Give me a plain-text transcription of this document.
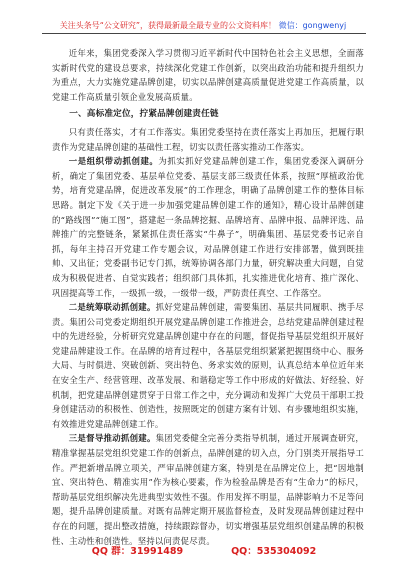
关注头条号“公文研究”，获得最新最全最专业的公文资料库！ 微信：gongwenyj

近年来，集团党委深入学习贯彻习近平新时代中国特色社会主义思想，全面落实新时代党的建设总要求，持续深化党建工作创新，以突出政治功能和提升组织力为重点，大力实施党建品牌创建，切实以品牌创建高质量促进党建工作高质量，以党建工作高质量引领企业发展高质量。

一、高标准定位，拧紧品牌创建责任链

只有责任落实，才有工作落实。集团党委坚持在责任落实上再加压，把履行职责作为党建品牌创建的基础性工程，切实以责任落实推动工作落实。

一是组织带动抓创建。为抓实抓好党建品牌创建工作，集团党委深入调研分析，确定了集团党委、基层单位党委、基层支部三级责任体系，按照“厚植政治优势，培育党建品牌，促进改革发展”的工作理念，明确了品牌创建工作的整体目标思路。制定下发《关于进一步加强党建品牌创建工作的通知》，精心设计品牌创建的“路线图”“施工图”，搭建起一条品牌挖掘、品牌培育、品牌申报、品牌评选、品牌推广的完整链条，紧紧抓住责任落实“牛鼻子”，明确集团、基层党委书记亲自抓，每年主持召开党建工作专题会议，对品牌创建工作进行安排部署，做到既挂帅、又出征；党委副书记专门抓，统筹协调各部门力量，研究解决重大问题，自觉成为积极促进者、自觉实践者；组织部门具体抓，扎实推进优化培育、推广深化、巩固提高等工作，一级抓一级，一级带一级，严防责任真空、工作落空。

二是统筹联动抓创建。抓好党建品牌创建，需要集团、基层共同履职、携手尽责。集团公司党委定期组织开展党建品牌创建工作推进会，总结党建品牌创建过程中的先进经验，分析研究党建品牌创建中存在的问题，督促指导基层党组织开展好党建品牌建设工作。在品牌的培育过程中，各基层党组织紧紧把握围绕中心、服务大局、与时俱进、突破创新、突出特色、务求实效的原则，认真总结本单位近年来在安全生产、经营管理、改革发展、和谐稳定等工作中形成的好做法、好经验、好机制，把党建品牌创建贯穿于日常工作之中，充分调动和发挥广大党员干部职工投身创建活动的积极性、创造性，按照既定的创建方案有计划、有步骤地组织实施，有效推进党建品牌创建工作。

三是督导推动抓创建。集团党委健全完善分类指导机制，通过开展调查研究，精准掌握基层党组织党建工作的创新点，品牌创建的切入点，分门别类开展指导工作。严把新增品牌立项关，严审品牌创建方案，特别是在品牌定位上，把“因地制宜、突出特色、精准实用”作为核心要素，作为检验品牌是否有“生命力”的标尺，帮助基层党组织解决先进典型实效性不强。作用发挥不明显，品牌影响力不足等问题，提升品牌创建质量。对既有品牌定期开展监督检查，及时发现品牌创建过程中存在的问题，提出整改措施，持续跟踪督办，切实增强基层党组织创建品牌的积极性、主动性和创造性。坚持以问责促尽责。

QQ 群：31991489	QQ：535304092
